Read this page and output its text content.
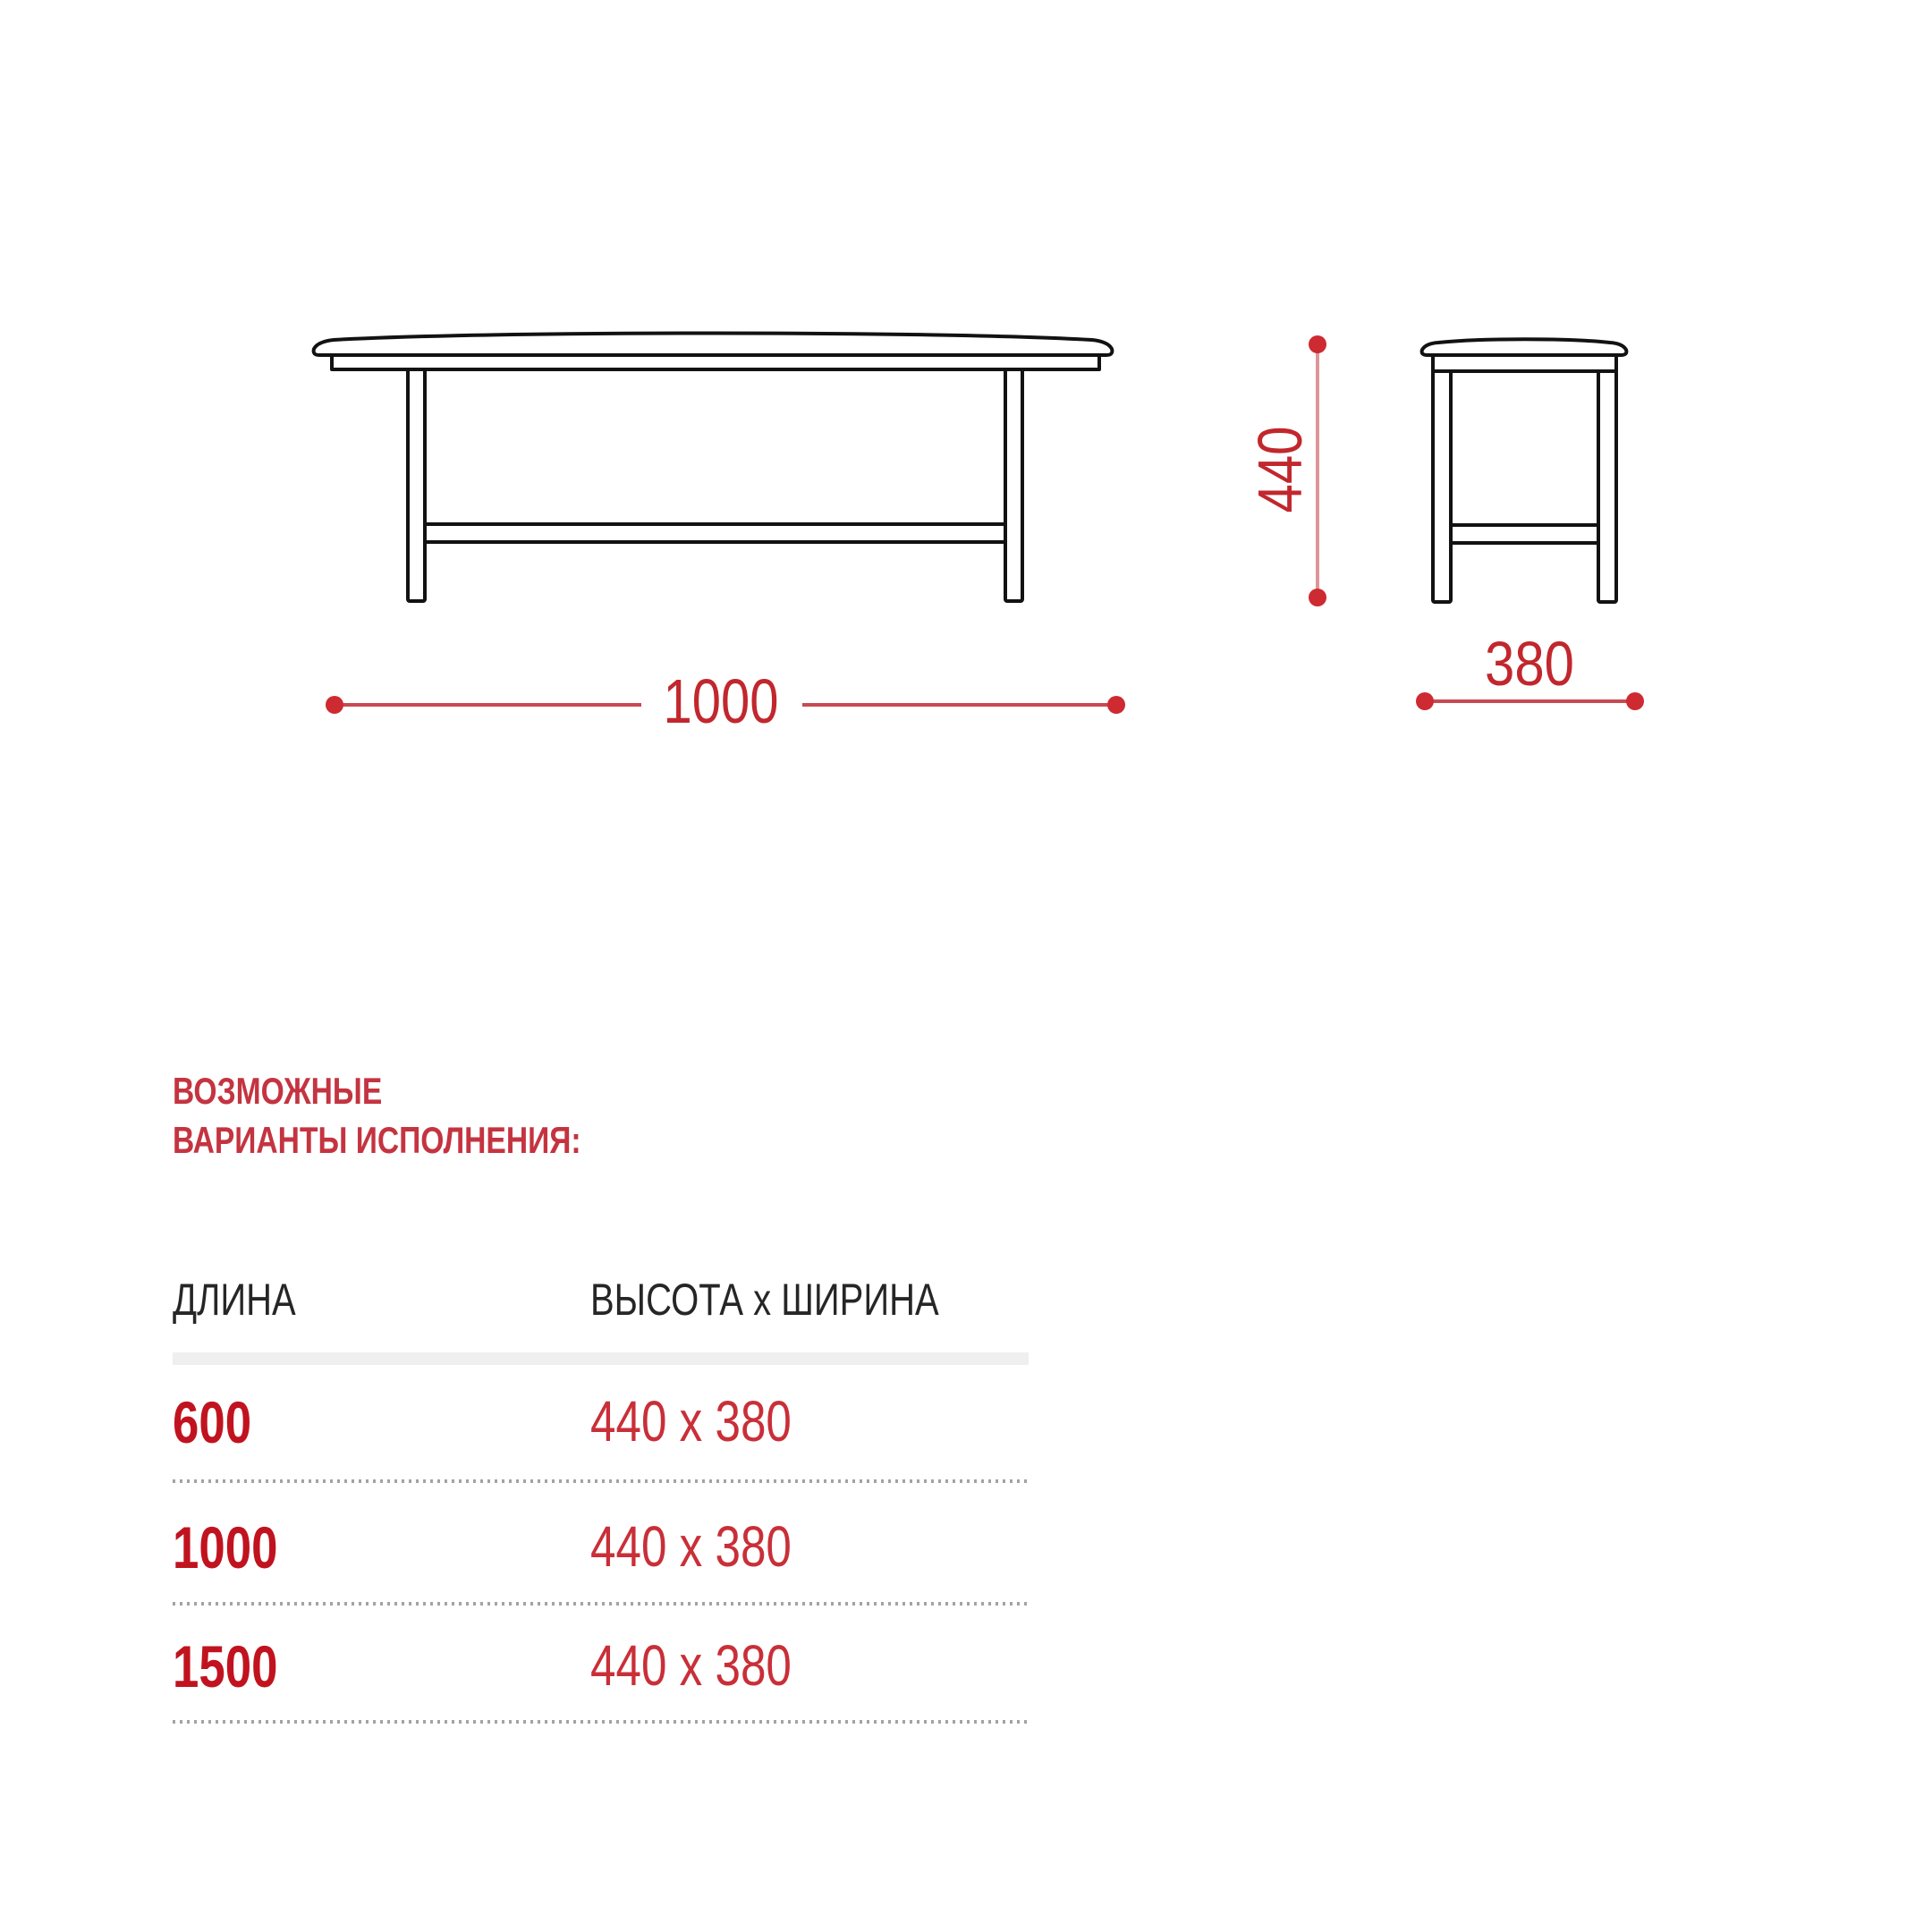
1000
440
380
ВОЗМОЖНЫЕ
ВАРИАНТЫ ИСПОЛНЕНИЯ:
ДЛИНА	ВЫСОТА x ШИРИНА
600	440 x 380
1000	440 x 380
1500	440 x 380
